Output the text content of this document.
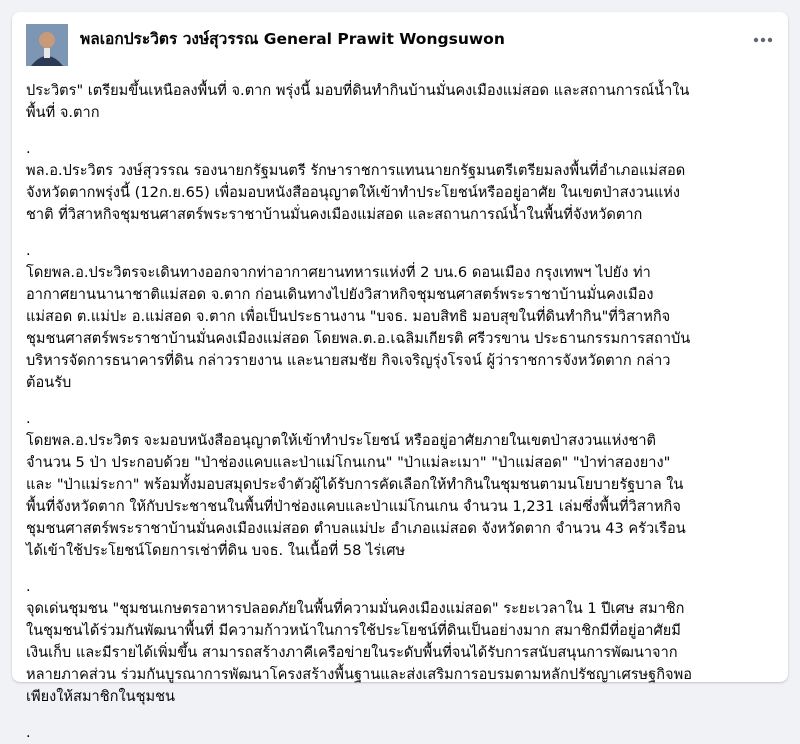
พลเอกประวิตร วงษ์สุวรรณ General Prawit Wongsuwon
ประวิตร" เตรียมขึ้นเหนือลงพื้นที่ จ.ตาก พรุ่งนี้ มอบที่ดินทำกินบ้านมั่นคงเมืองแม่สอด และสถานการณ์น้ำใน
พื้นที่ จ.ตาก
.
พล.อ.ประวิตร วงษ์สุวรรณ รองนายกรัฐมนตรี รักษาราชการแทนนายกรัฐมนตรีเตรียมลงพื้นที่อำเภอแม่สอด
จังหวัดตากพรุ่งนี้ (12ก.ย.65) เพื่อมอบหนังสืออนุญาตให้เข้าทำประโยชน์หรืออยู่อาศัย ในเขตป่าสงวนแห่ง
ชาติ ที่วิสาหกิจชุมชนศาสตร์พระราชาบ้านมั่นคงเมืองแม่สอด และสถานการณ์น้ำในพื้นที่จังหวัดตาก
.
โดยพล.อ.ประวิตรจะเดินทางออกจากท่าอากาศยานทหารแห่งที่ 2 บน.6 ดอนเมือง กรุงเทพฯ ไปยัง ท่า
อากาศยานนานาชาติแม่สอด จ.ตาก ก่อนเดินทางไปยังวิสาหกิจชุมชนศาสตร์พระราชาบ้านมั่นคงเมือง
แม่สอด ต.แม่ปะ อ.แม่สอด จ.ตาก เพื่อเป็นประธานงาน "บจธ. มอบสิทธิ มอบสุขในที่ดินทำกิน"ที่วิสาหกิจ
ชุมชนศาสตร์พระราชาบ้านมั่นคงเมืองแม่สอด โดยพล.ต.อ.เฉลิมเกียรติ ศรีวรขาน ประธานกรรมการสถาบัน
บริหารจัดการธนาคารที่ดิน กล่าวรายงาน และนายสมชัย กิจเจริญรุ่งโรจน์ ผู้ว่าราชการจังหวัดตาก กล่าว
ต้อนรับ
.
โดยพล.อ.ประวิตร จะมอบหนังสืออนุญาตให้เข้าทำประโยชน์ หรืออยู่อาศัยภายในเขตป่าสงวนแห่งชาติ
จำนวน 5 ป่า ประกอบด้วย "ป่าช่องแคบและป่าแม่โกนเกน" "ป่าแม่ละเมา" "ป่าแม่สอด" "ป่าท่าสองยาง"
และ "ป่าแม่ระกา" พร้อมทั้งมอบสมุดประจำตัวผู้ได้รับการคัดเลือกให้ทำกินในชุมชนตามนโยบายรัฐบาล ใน
พื้นที่จังหวัดตาก ให้กับประชาชนในพื้นที่ป่าช่องแคบและป่าแม่โกนเกน จำนวน 1,231 เล่มซึ่งพื้นที่วิสาหกิจ
ชุมชนศาสตร์พระราชาบ้านมั่นคงเมืองแม่สอด ตำบลแม่ปะ อำเภอแม่สอด จังหวัดตาก จำนวน 43 ครัวเรือน
ได้เข้าใช้ประโยชน์โดยการเช่าที่ดิน บจธ. ในเนื้อที่ 58 ไร่เศษ
.
จุดเด่นชุมชน "ชุมชนเกษตรอาหารปลอดภัยในพื้นที่ความมั่นคงเมืองแม่สอด" ระยะเวลาใน 1 ปีเศษ สมาชิก
ในชุมชนได้ร่วมกันพัฒนาพื้นที่ มีความก้าวหน้าในการใช้ประโยชน์ที่ดินเป็นอย่างมาก สมาชิกมีที่อยู่อาศัยมี
เงินเก็บ และมีรายได้เพิ่มขึ้น สามารถสร้างภาคีเครือข่ายในระดับพื้นที่จนได้รับการสนับสนุนการพัฒนาจาก
หลายภาคส่วน ร่วมกันบูรณาการพัฒนาโครงสร้างพื้นฐานและส่งเสริมการอบรมตามหลักปรัชญาเศรษฐกิจพอ
เพียงให้สมาชิกในชุมชน
.
